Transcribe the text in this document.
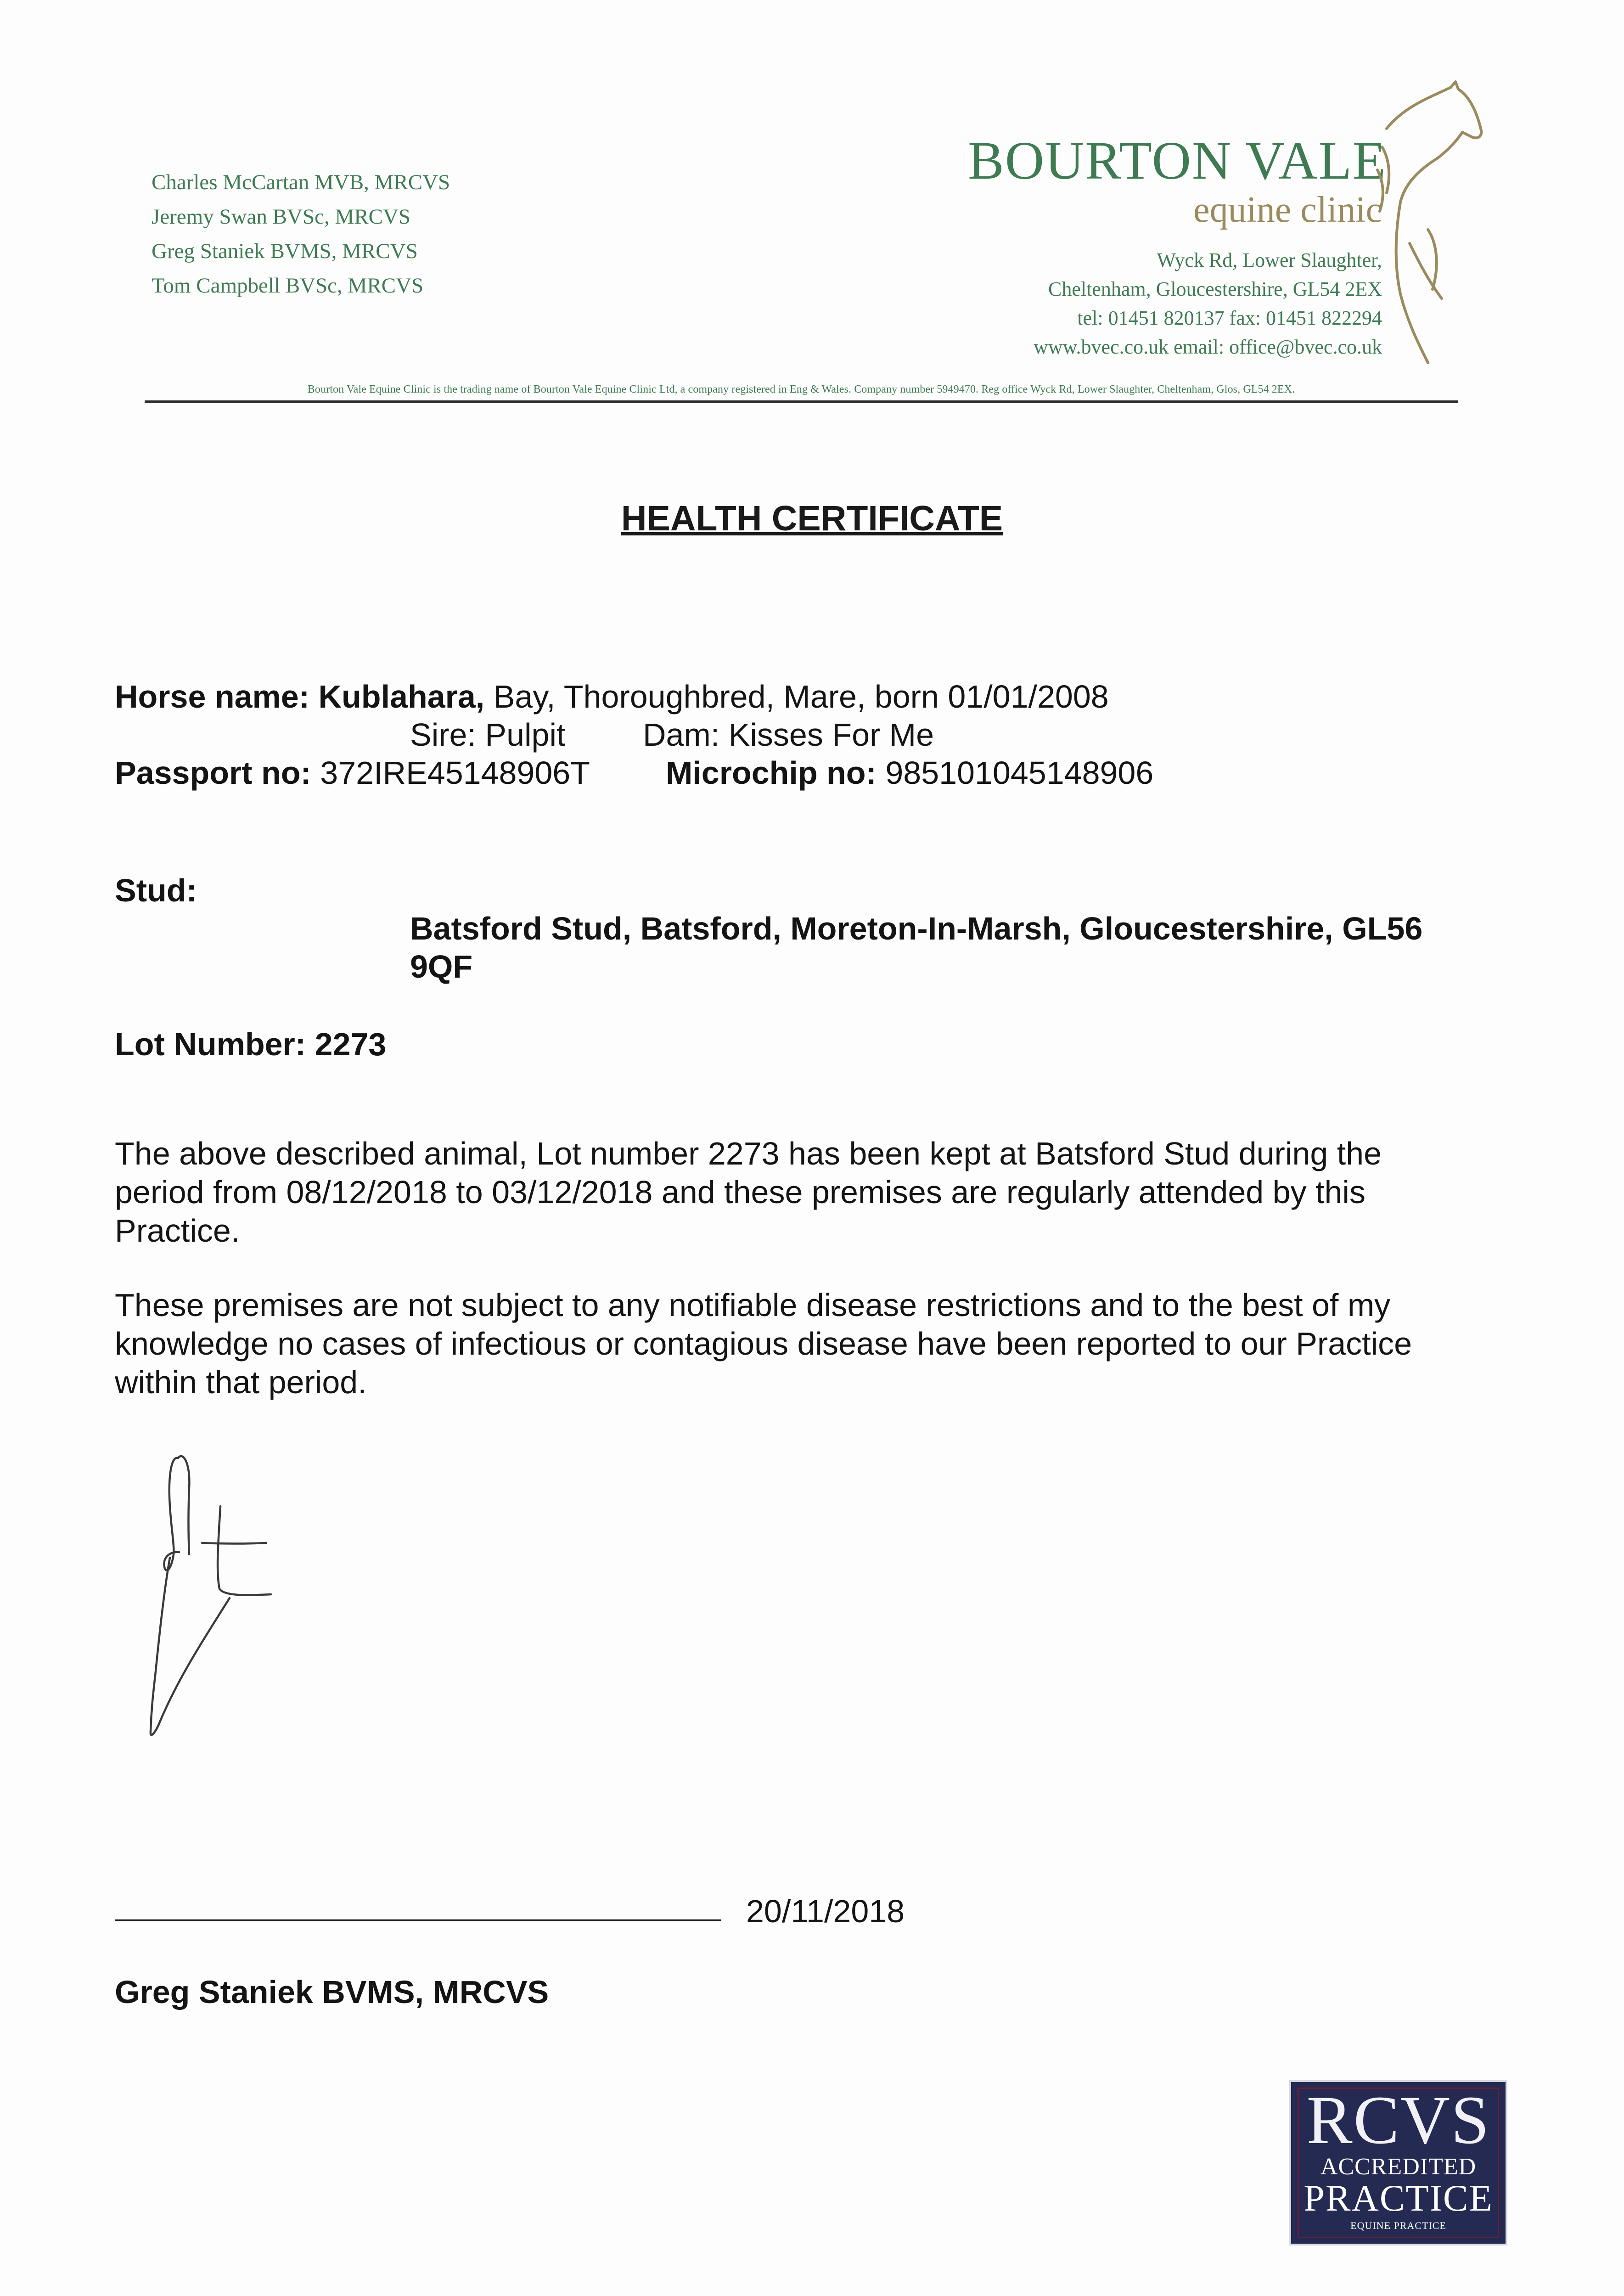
Charles McCartan MVB, MRCVS
Jeremy Swan BVSc, MRCVS
Greg Staniek BVMS, MRCVS
Tom Campbell BVSc, MRCVS
BOURTON VALE
equine clinic
Wyck Rd, Lower Slaughter,
Cheltenham, Gloucestershire, GL54 2EX
tel: 01451 820137 fax: 01451 822294
www.bvec.co.uk email: office@bvec.co.uk
Bourton Vale Equine Clinic is the trading name of Bourton Vale Equine Clinic Ltd, a company registered in Eng & Wales. Company number 5949470. Reg office Wyck Rd, Lower Slaughter, Cheltenham, Glos, GL54 2EX.
HEALTH CERTIFICATE
Horse name: Kublahara, Bay, Thoroughbred, Mare, born 01/01/2008
Sire: Pulpit Dam: Kisses For Me
Passport no: 372IRE45148906T Microchip no: 985101045148906
Stud:
Batsford Stud, Batsford, Moreton-In-Marsh, Gloucestershire, GL56
9QF
Lot Number: 2273
The above described animal, Lot number 2273 has been kept at Batsford Stud during the
period from 08/12/2018 to 03/12/2018 and these premises are regularly attended by this
Practice.
These premises are not subject to any notifiable disease restrictions and to the best of my
knowledge no cases of infectious or contagious disease have been reported to our Practice
within that period.
20/11/2018
Greg Staniek BVMS, MRCVS
RCVS
ACCREDITED
PRACTICE
EQUINE PRACTICE
